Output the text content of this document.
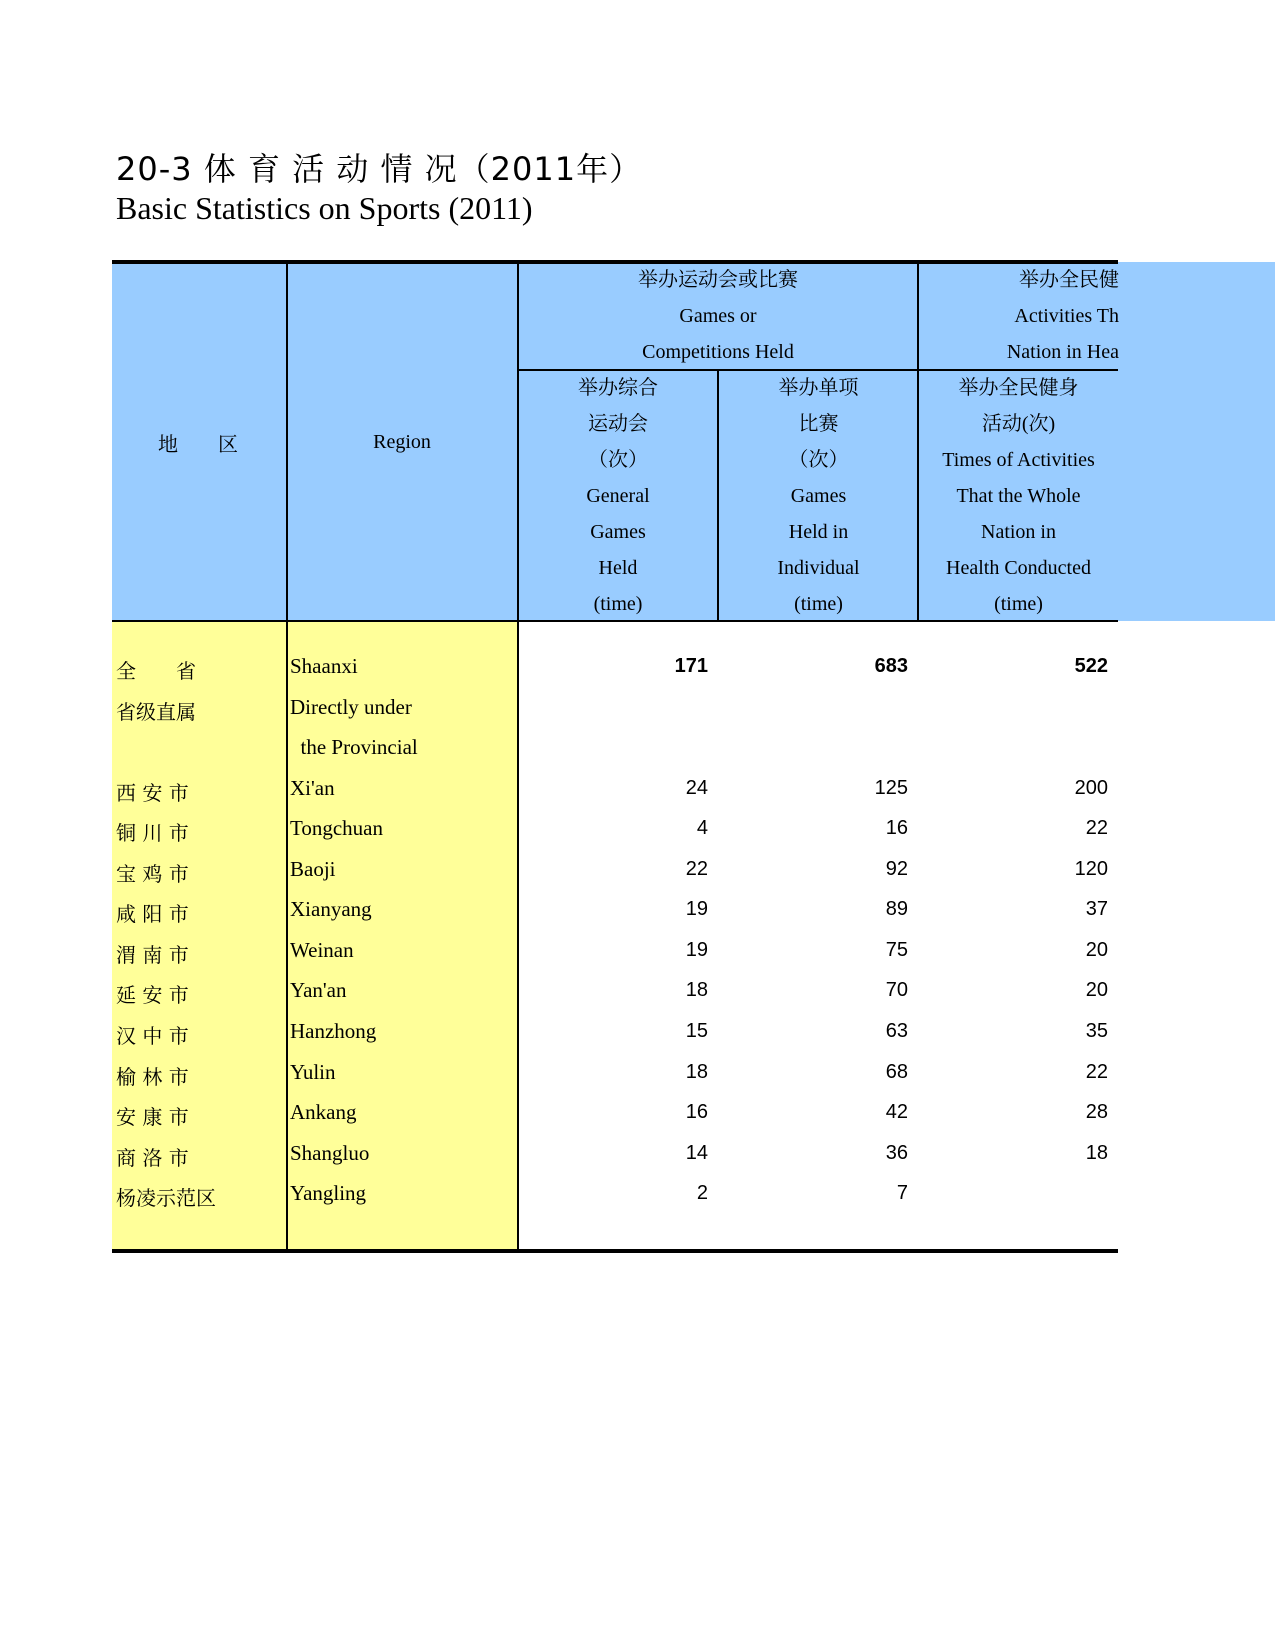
20-3 体 育 活 动 情 况（2011年）
Basic Statistics on Sports (2011)
地　　区	Region
举办运动会或比赛
Games or
Competitions Held
举办全民健
Activities Th
Nation in Hea
举办综合
运动会
（次）
General
Games
Held
(time)
举办单项
比赛
（次）
Games
Held in
Individual
(time)
举办全民健身
活动(次)
Times of Activities
That the Whole
Nation in
Health Conducted
(time)
全　　省	Shaanxi	171	683	522
省级直属	Directly under
the Provincial
西 安 市	Xi'an	24	125	200
铜 川 市	Tongchuan	4	16	22
宝 鸡 市	Baoji	22	92	120
咸 阳 市	Xianyang	19	89	37
渭 南 市	Weinan	19	75	20
延 安 市	Yan'an	18	70	20
汉 中 市	Hanzhong	15	63	35
榆 林 市	Yulin	18	68	22
安 康 市	Ankang	16	42	28
商 洛 市	Shangluo	14	36	18
杨凌示范区	Yangling	2	7
